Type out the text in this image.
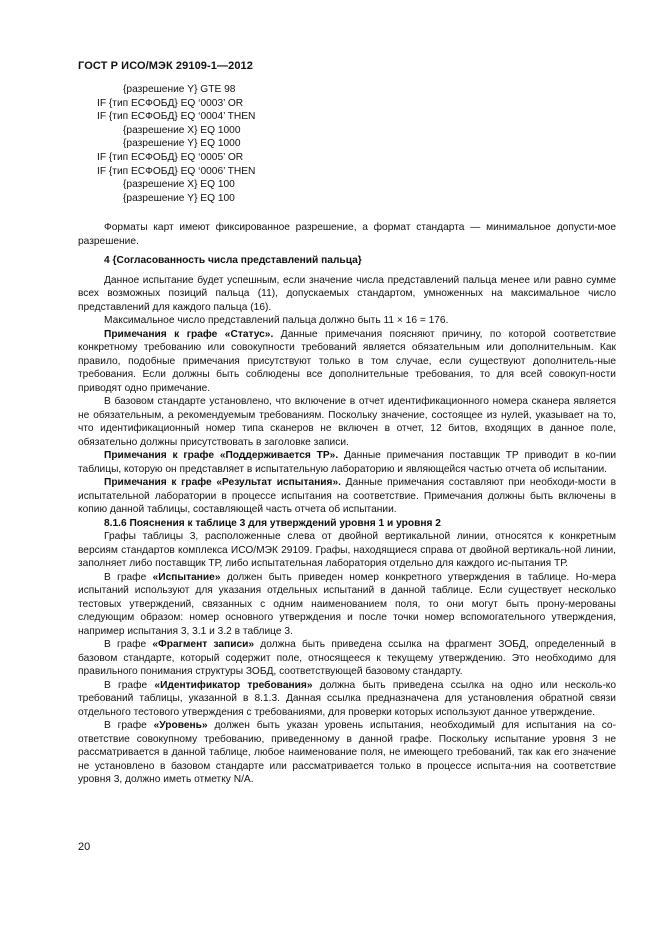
ГОСТ Р ИСО/МЭК 29109-1—2012
{разрешение Y} GTE 98
IF {тип ЕСФОБД} EQ ‘0003’ OR
IF {тип ЕСФОБД} EQ ‘0004’ THEN
{разрешение X} EQ 1000
{разрешение Y} EQ 1000
IF {тип ЕСФОБД} EQ ‘0005’ OR
IF {тип ЕСФОБД} EQ ‘0006’ THEN
{разрешение X} EQ 100
{разрешение Y} EQ 100

Форматы карт имеют фиксированное разрешение, а формат стандарта — минимальное допусти-мое разрешение.

4 {Согласованность числа представлений пальца}

Данное испытание будет успешным, если значение числа представлений пальца менее или равно сумме всех возможных позиций пальца (11), допускаемых стандартом, умноженных на максимальное число представлений для каждого пальца (16).

Максимальное число представлений пальца должно быть 11 × 16 = 176.

Примечания к графе «Статус». Данные примечания поясняют причину, по которой соответствие конкретному требованию или совокупности требований является обязательным или дополнительным. Как правило, подобные примечания присутствуют только в том случае, если существуют дополнитель-ные требования. Если должны быть соблюдены все дополнительные требования, то для всей совокуп-ности приводят одно примечание.

В базовом стандарте установлено, что включение в отчет идентификационного номера сканера является не обязательным, а рекомендуемым требованиям. Поскольку значение, состоящее из нулей, указывает на то, что идентификационный номер типа сканеров не включен в отчет, 12 битов, входящих в данное поле, обязательно должны присутствовать в заголовке записи.

Примечания к графе «Поддерживается ТР». Данные примечания поставщик ТР приводит в ко-пии таблицы, которую он представляет в испытательную лабораторию и являющейся частью отчета об испытании.

Примечания к графе «Результат испытания». Данные примечания составляют при необходи-мости в испытательной лаборатории в процессе испытания на соответствие. Примечания должны быть включены в копию данной таблицы, составляющей часть отчета об испытании.

8.1.6 Пояснения к таблице 3 для утверждений уровня 1 и уровня 2

Графы таблицы 3, расположенные слева от двойной вертикальной линии, относятся к конкретным версиям стандартов комплекса ИСО/МЭК 29109. Графы, находящиеся справа от двойной вертикаль-ной линии, заполняет либо поставщик ТР, либо испытательная лаборатория отдельно для каждого ис-пытания ТР.

В графе «Испытание» должен быть приведен номер конкретного утверждения в таблице. Но-мера испытаний используют для указания отдельных испытаний в данной таблице. Если существует несколько тестовых утверждений, связанных с одним наименованием поля, то они могут быть прону-мерованы следующим образом: номер основного утверждения и после точки номер вспомогательного утверждения, например испытания 3, 3.1 и 3.2 в таблице 3.

В графе «Фрагмент записи» должна быть приведена ссылка на фрагмент ЗОБД, определенный в базовом стандарте, который содержит поле, относящееся к текущему утверждению. Это необходимо для правильного понимания структуры ЗОБД, соответствующей базовому стандарту.

В графе «Идентификатор требования» должна быть приведена ссылка на одно или несколь-ко требований таблицы, указанной в 8.1.3. Данная ссылка предназначена для установления обратной связи отдельного тестового утверждения с требованиями, для проверки которых используют данное утверждение.

В графе «Уровень» должен быть указан уровень испытания, необходимый для испытания на со-ответствие совокупному требованию, приведенному в данной графе. Поскольку испытание уровня 3 не рассматривается в данной таблице, любое наименование поля, не имеющего требований, так как его значение не установлено в базовом стандарте или рассматривается только в процессе испыта-ния на соответствие уровня 3, должно иметь отметку N/A.

20
